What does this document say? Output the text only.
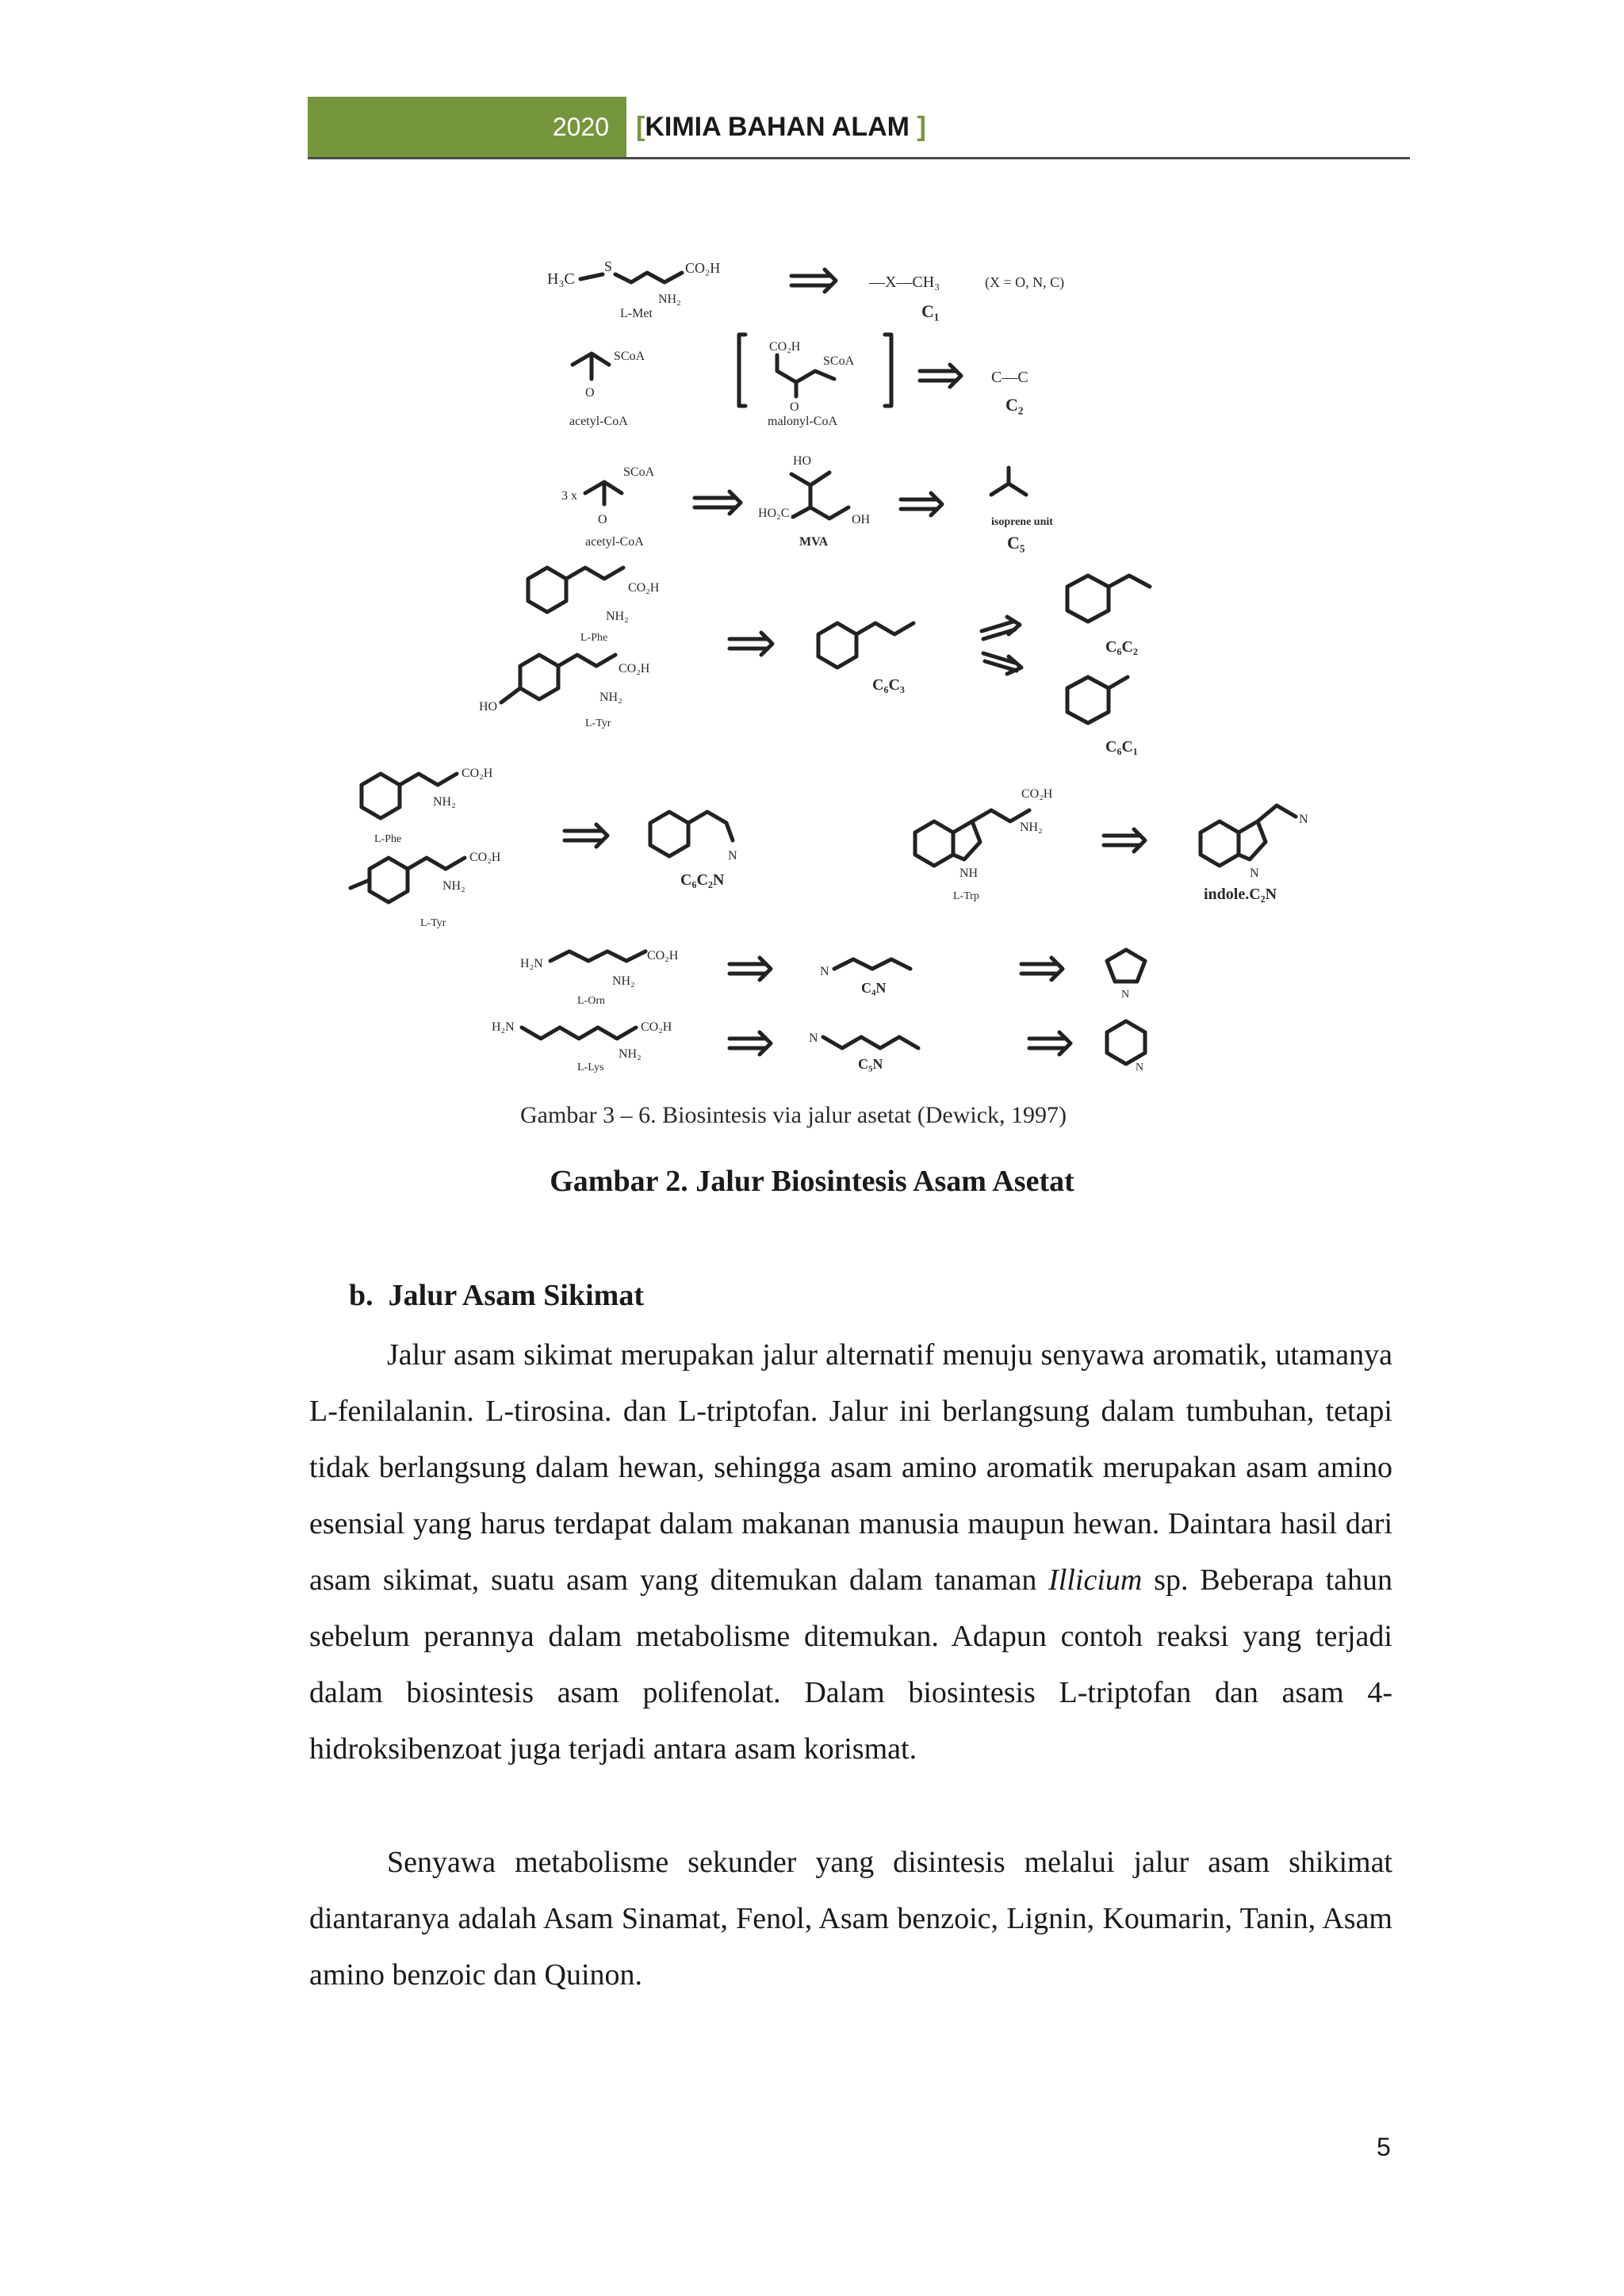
2020	[KIMIA BAHAN ALAM ]
H₃C
S	CO₂H
NH₂
L-Met
—X—CH₃
C₁
(X = O, N, C)
SCoA
O
acetyl-CoA
CO₂H
SCoA
O
malonyl-CoA
C—C
C₂
3 x
SCoA
O
acetyl-CoA
HO
HO₂C	OH
MVA
isoprene unit
C₅
CO₂H
NH₂
L-Phe
HO
CO₂H
NH₂
L-Tyr
C₆C₃
C₆C₂
C₆C₁
CO₂H
NH₂
L-Phe
CO₂H
NH₂
L-Tyr
N
C₆C₂N
CO₂H
NH₂
NH
L-Trp
N
N
indole.C₂N
H₂N
CO₂H
NH₂
L-Orn
N
C₄N	N
H₂N	CO₂H
NH₂
L-Lys
N
C₅N	N
Gambar 3 – 6. Biosintesis via jalur asetat (Dewick, 1997)
Gambar 2. Jalur Biosintesis Asam Asetat
b. Jalur Asam Sikimat

Jalur asam sikimat merupakan jalur alternatif menuju senyawa aromatik, utamanya L-fenilalanin. L-tirosina. dan L-triptofan. Jalur ini berlangsung dalam tumbuhan, tetapi tidak berlangsung dalam hewan, sehingga asam amino aromatik merupakan asam amino esensial yang harus terdapat dalam makanan manusia maupun hewan. Daintara hasil dari asam sikimat, suatu asam yang ditemukan dalam tanaman Illicium sp. Beberapa tahun sebelum perannya dalam metabolisme ditemukan. Adapun contoh reaksi yang terjadi dalam biosintesis asam polifenolat. Dalam biosintesis L-triptofan dan asam 4-hidroksibenzoat juga terjadi antara asam korismat.

Senyawa metabolisme sekunder yang disintesis melalui jalur asam shikimat diantaranya adalah Asam Sinamat, Fenol, Asam benzoic, Lignin, Koumarin, Tanin, Asam amino benzoic dan Quinon.

5
